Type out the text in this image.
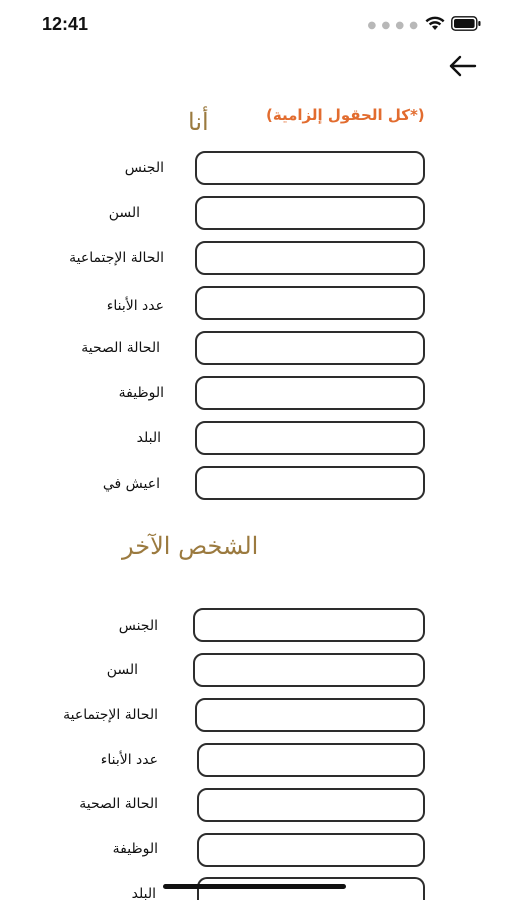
12:41	● ● ● ●
أنا	(*كل الحقول إلزامية)
الجنس
السن
الحالة الإجتماعية
عدد الأبناء
الحالة الصحية
الوظيفة
البلد
اعيش في
الشخص الآخر
الجنس
السن
الحالة الإجتماعية
عدد الأبناء
الحالة الصحية
الوظيفة
البلد
